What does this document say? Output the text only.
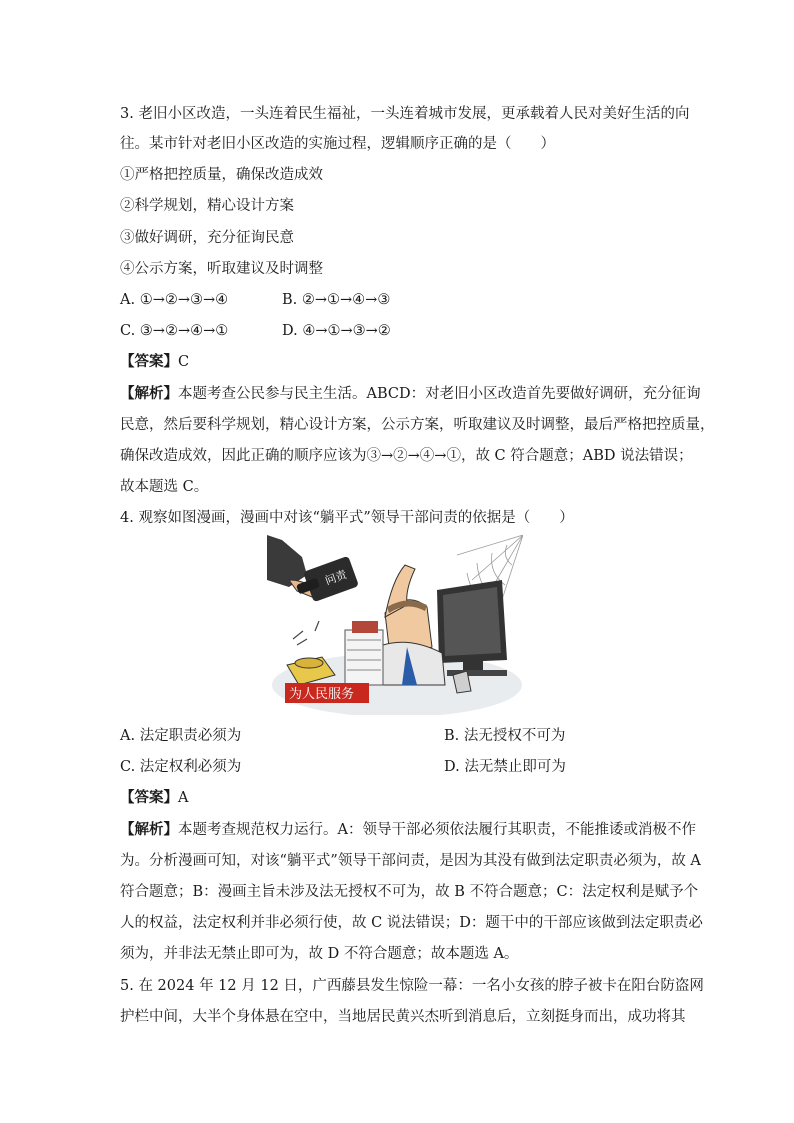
3. 老旧小区改造，一头连着民生福祉，一头连着城市发展，更承载着人民对美好生活的向
往。某市针对老旧小区改造的实施过程，逻辑顺序正确的是（　　）
①严格把控质量，确保改造成效
②科学规划，精心设计方案
③做好调研，充分征询民意
④公示方案，听取建议及时调整
A. ①→②→③→④	B. ②→①→④→③
C. ③→②→④→①	D. ④→①→③→②
【答案】C
【解析】本题考查公民参与民主生活。ABCD：对老旧小区改造首先要做好调研，充分征询
民意，然后要科学规划，精心设计方案，公示方案，听取建议及时调整，最后严格把控质量，
确保改造成效，因此正确的顺序应该为③→②→④→①，故 C 符合题意；ABD 说法错误；
故本题选 C。
4. 观察如图漫画，漫画中对该“躺平式”领导干部问责的依据是（　　）
问责
为人民服务
A. 法定职责必须为	B. 法无授权不可为
C. 法定权利必须为	D. 法无禁止即可为
【答案】A
【解析】本题考查规范权力运行。A：领导干部必须依法履行其职责，不能推诿或消极不作
为。分析漫画可知，对该“躺平式”领导干部问责，是因为其没有做到法定职责必须为，故 A
符合题意；B：漫画主旨未涉及法无授权不可为，故 B 不符合题意；C：法定权利是赋予个
人的权益，法定权利并非必须行使，故 C 说法错误；D：题干中的干部应该做到法定职责必
须为，并非法无禁止即可为，故 D 不符合题意；故本题选 A。
5. 在 2024 年 12 月 12 日，广西藤县发生惊险一幕：一名小女孩的脖子被卡在阳台防盗网
护栏中间，大半个身体悬在空中，当地居民黄兴杰听到消息后，立刻挺身而出，成功将其
